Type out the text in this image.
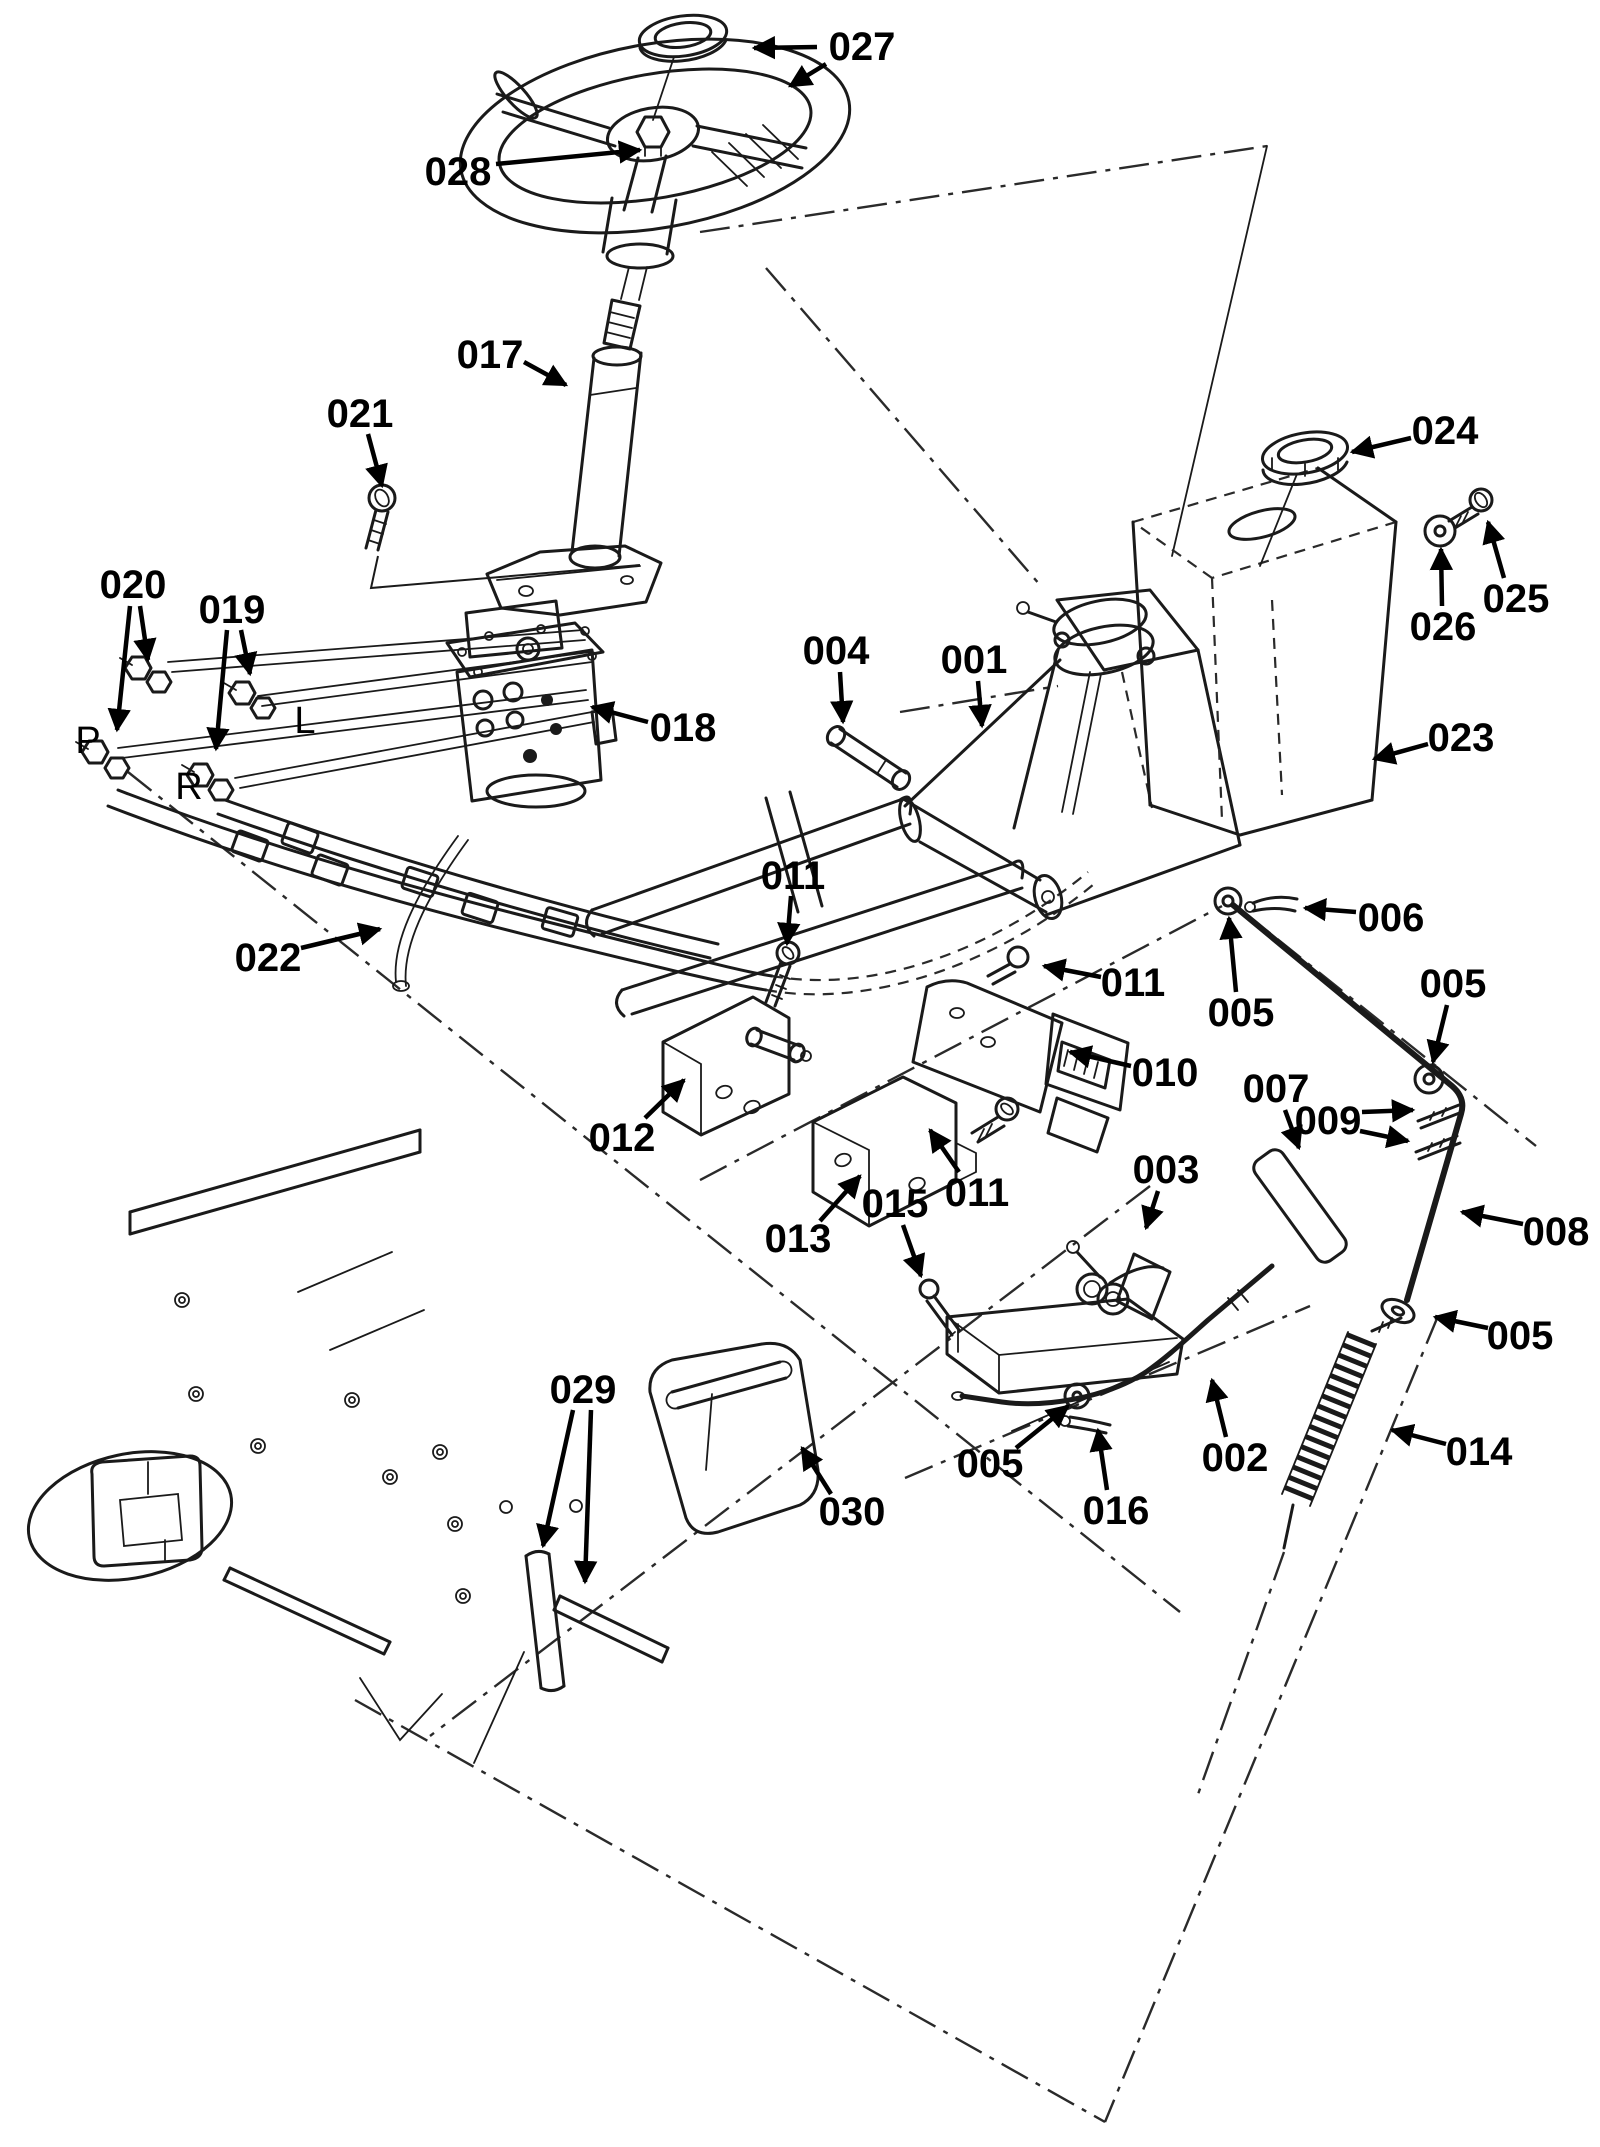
027
028
017
021
020
019
018
022
004 001
024
025
026
023
011
005
006
005
011
010
012
007
009
008
003
013
015 011
005
014
002
016
005
030
029
P	L
R
